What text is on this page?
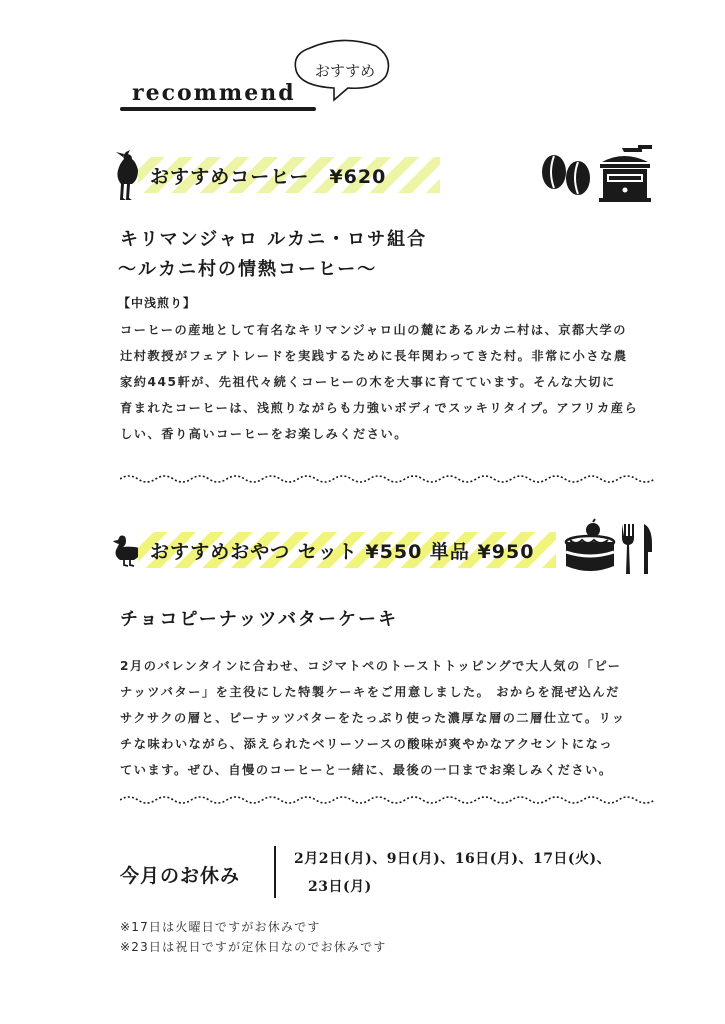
recommend
おすすめ
おすすめコーヒー　¥620
キリマンジャロ ルカニ・ロサ組合
～ルカニ村の情熱コーヒー～
【中浅煎り】
コーヒーの産地として有名なキリマンジャロ山の麓にあるルカニ村は、京都大学の
辻村教授がフェアトレードを実践するために長年関わってきた村。非常に小さな農
家約445軒が、先祖代々続くコーヒーの木を大事に育てています。そんな大切に
育まれたコーヒーは、浅煎りながらも力強いボディでスッキリタイプ。アフリカ産ら
しい、香り高いコーヒーをお楽しみください。
おすすめおやつ セット ¥550 単品 ¥950
チョコピーナッツバターケーキ
2月のバレンタインに合わせ、コジマトペのトーストトッピングで大人気の「ピー
ナッツバター」を主役にした特製ケーキをご用意しました。 おからを混ぜ込んだ
サクサクの層と、ピーナッツバターをたっぷり使った濃厚な層の二層仕立て。リッ
チな味わいながら、添えられたベリーソースの酸味が爽やかなアクセントになっ
ています。ぜひ、自慢のコーヒーと一緒に、最後の一口までお楽しみください。
今月のお休み
2月2日(月)、9日(月)、16日(月)、17日(火)、
23日(月)
※17日は火曜日ですがお休みです
※23日は祝日ですが定休日なのでお休みです
